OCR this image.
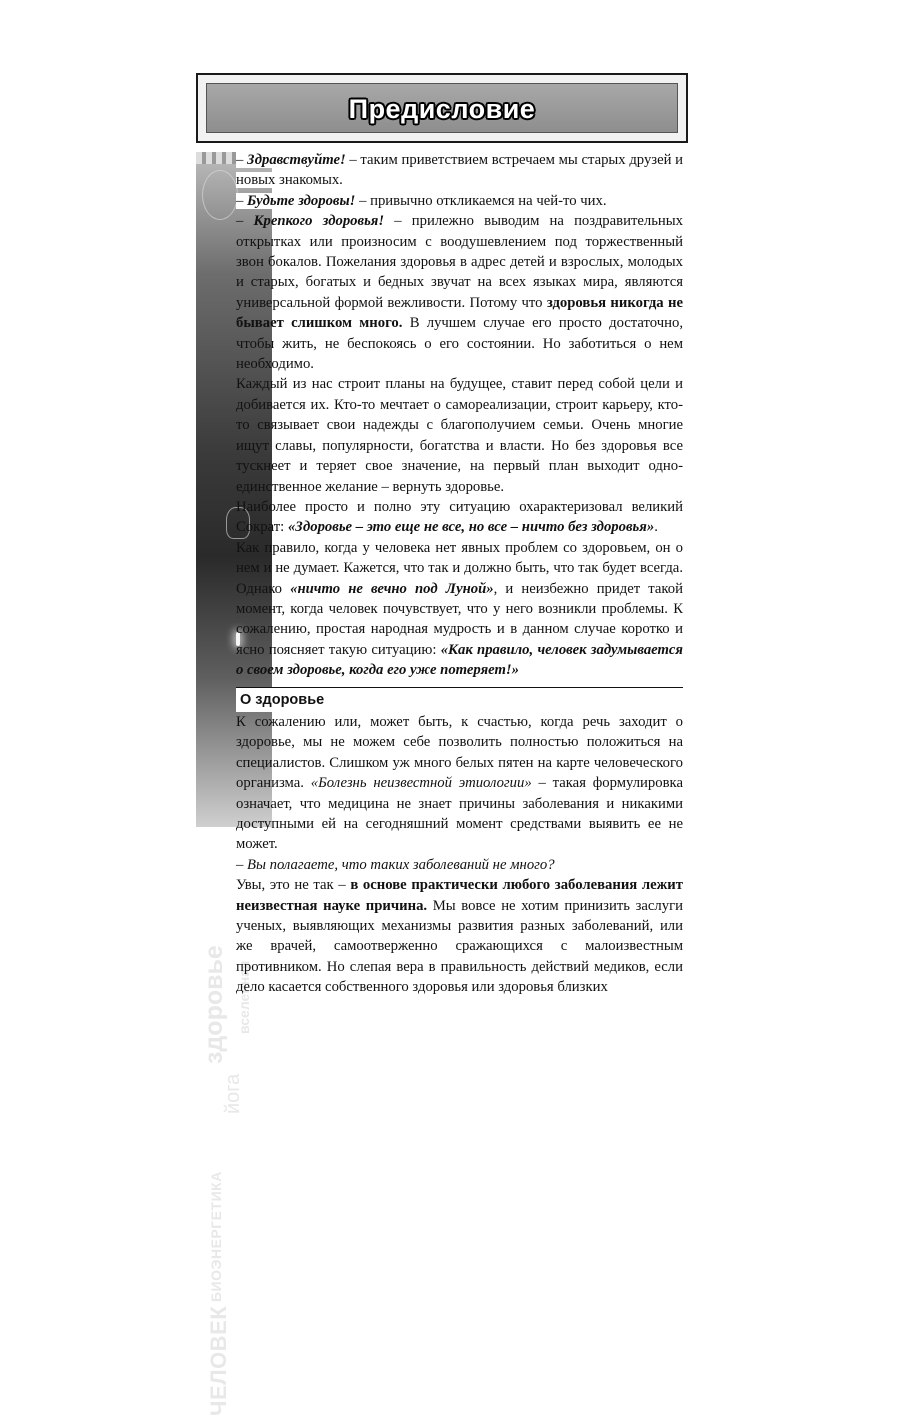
Предисловие
ЧЕЛОВЕК
БИОЭНЕРГЕТИКА
йога
здоровье вселенная

– Здравствуйте! – таким приветствием встречаем мы старых друзей и новых знакомых.

– Будьте здоровы! – привычно откликаемся на чей-то чих.

– Крепкого здоровья! – прилежно выводим на поздравительных открытках или произносим с воодушевлением под торжественный звон бокалов. Пожелания здоровья в адрес детей и взрослых, молодых и старых, богатых и бедных звучат на всех языках мира, являются универсальной формой вежливости. Потому что здоровья никогда не бывает слишком много. В лучшем случае его просто достаточно, чтобы жить, не беспокоясь о его состоянии. Но заботиться о нем необходимо.

Каждый из нас строит планы на будущее, ставит перед собой цели и добивается их. Кто-то мечтает о самореализации, строит карьеру, кто-то связывает свои надежды с благополучием семьи. Очень многие ищут славы, популярности, богатства и власти. Но без здоровья все тускнеет и теряет свое значение, на первый план выходит одно-единственное желание – вернуть здоровье.

Наиболее просто и полно эту ситуацию охарактеризовал великий Сократ: «Здоровье – это еще не все, но все – ничто без здоровья».

Как правило, когда у человека нет явных проблем со здоровьем, он о нем и не думает. Кажется, что так и должно быть, что так будет всегда. Однако «ничто не вечно под Луной», и неизбежно придет такой момент, когда человек почувствует, что у него возникли проблемы. К сожалению, простая народная мудрость и в данном случае коротко и ясно поясняет такую ситуацию: «Как правило, человек задумывается о своем здоровье, когда его уже потеряет!»

О здоровье

К сожалению или, может быть, к счастью, когда речь заходит о здоровье, мы не можем себе позволить полностью положиться на специалистов. Слишком уж много белых пятен на карте человеческого организма. «Болезнь неизвестной этиологии» – такая формулировка означает, что медицина не знает причины заболевания и никакими доступными ей на сегодняшний момент средствами выявить ее не может.

– Вы полагаете, что таких заболеваний не много?

Увы, это не так – в основе практически любого заболевания лежит неизвестная науке причина. Мы вовсе не хотим принизить заслуги ученых, выявляющих механизмы развития разных заболеваний, или же врачей, самоотверженно сражающихся с малоизвестным противником. Но слепая вера в правильность действий медиков, если дело касается собственного здоровья или здоровья близких
